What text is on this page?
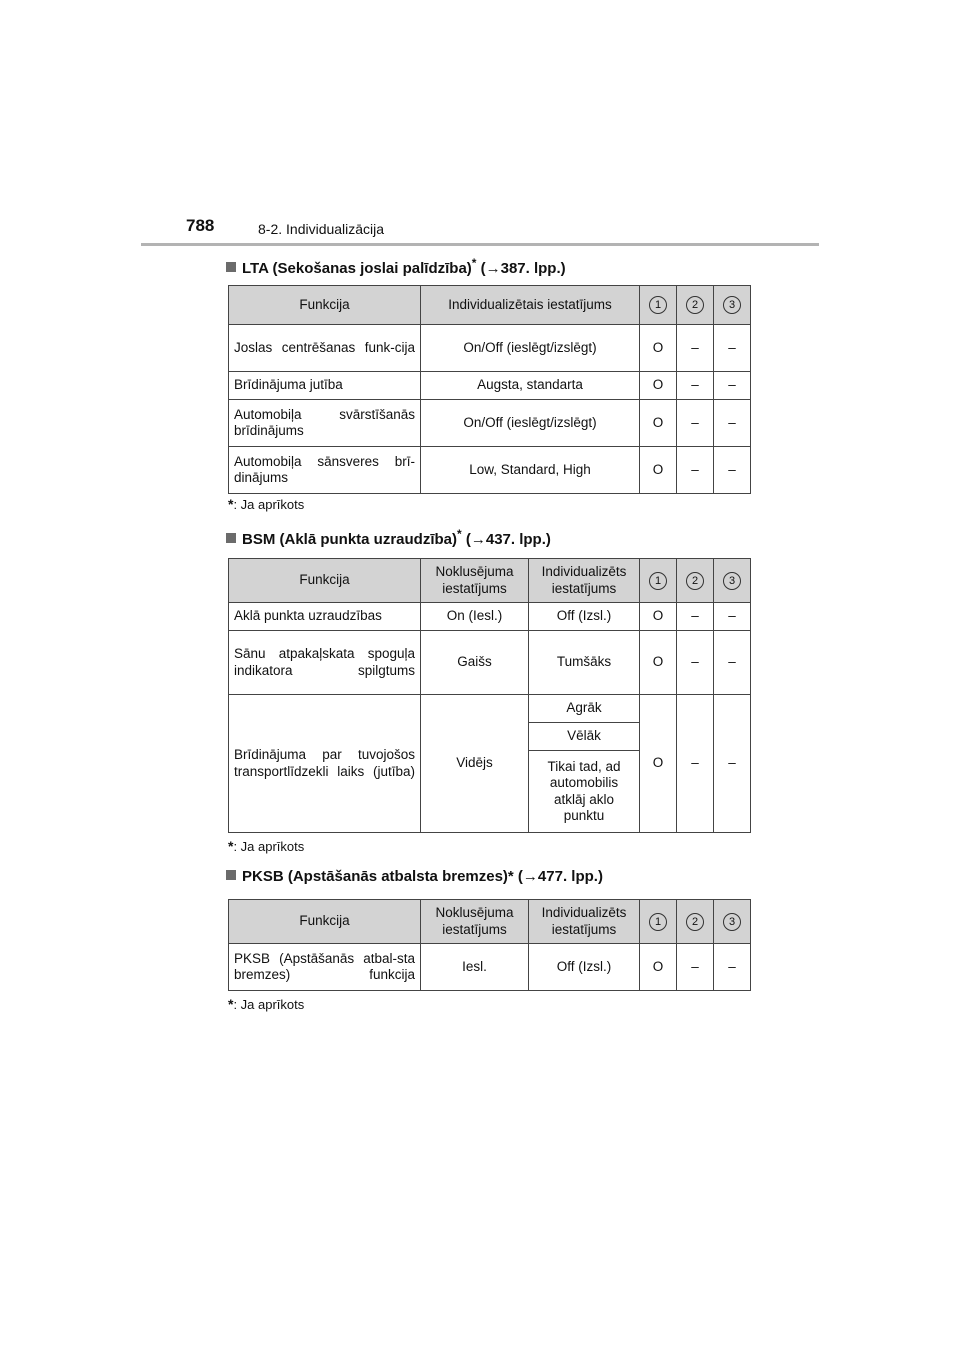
788	8-2. Individualizācija
LTA (Sekošanas joslai palīdzība)* (→387. lpp.)
Funkcija	Individualizētais iestatījums	1	2	3
Joslas centrēšanas funk-cija	On/Off (ieslēgt/izslēgt)	O	–	–
Brīdinājuma jutība	Augsta, standarta	O	–	–
Automobiļa svārstīšanās brīdinājums	On/Off (ieslēgt/izslēgt)	O	–	–
Automobiļa sānsveres brī-dinājums	Low, Standard, High	O	–	–
*: Ja aprīkots
BSM (Aklā punkta uzraudzība)* (→437. lpp.)
Funkcija	Noklusējuma iestatījums	Individualizēts iestatījums	1	2	3
Aklā punkta uzraudzības	On (Iesl.)	Off (Izsl.)	O	–	–
Sānu atpakaļskata spoguļa indikatora spilgtums	Gaišs	Tumšāks	O	–	–
Brīdinājuma par tuvojošos transportlīdzekli laiks (jutība)	Vidējs	Agrāk	O	–	–
		Vēlāk			
		Tikai tad, ad automobilis atklāj aklo punktu			
*: Ja aprīkots
PKSB (Apstāšanās atbalsta bremzes)* (→477. lpp.)
Funkcija	Noklusējuma iestatījums	Individualizēts iestatījums	1	2	3
PKSB (Apstāšanās atbal-sta bremzes) funkcija	Iesl.	Off (Izsl.)	O	–	–
*: Ja aprīkots
